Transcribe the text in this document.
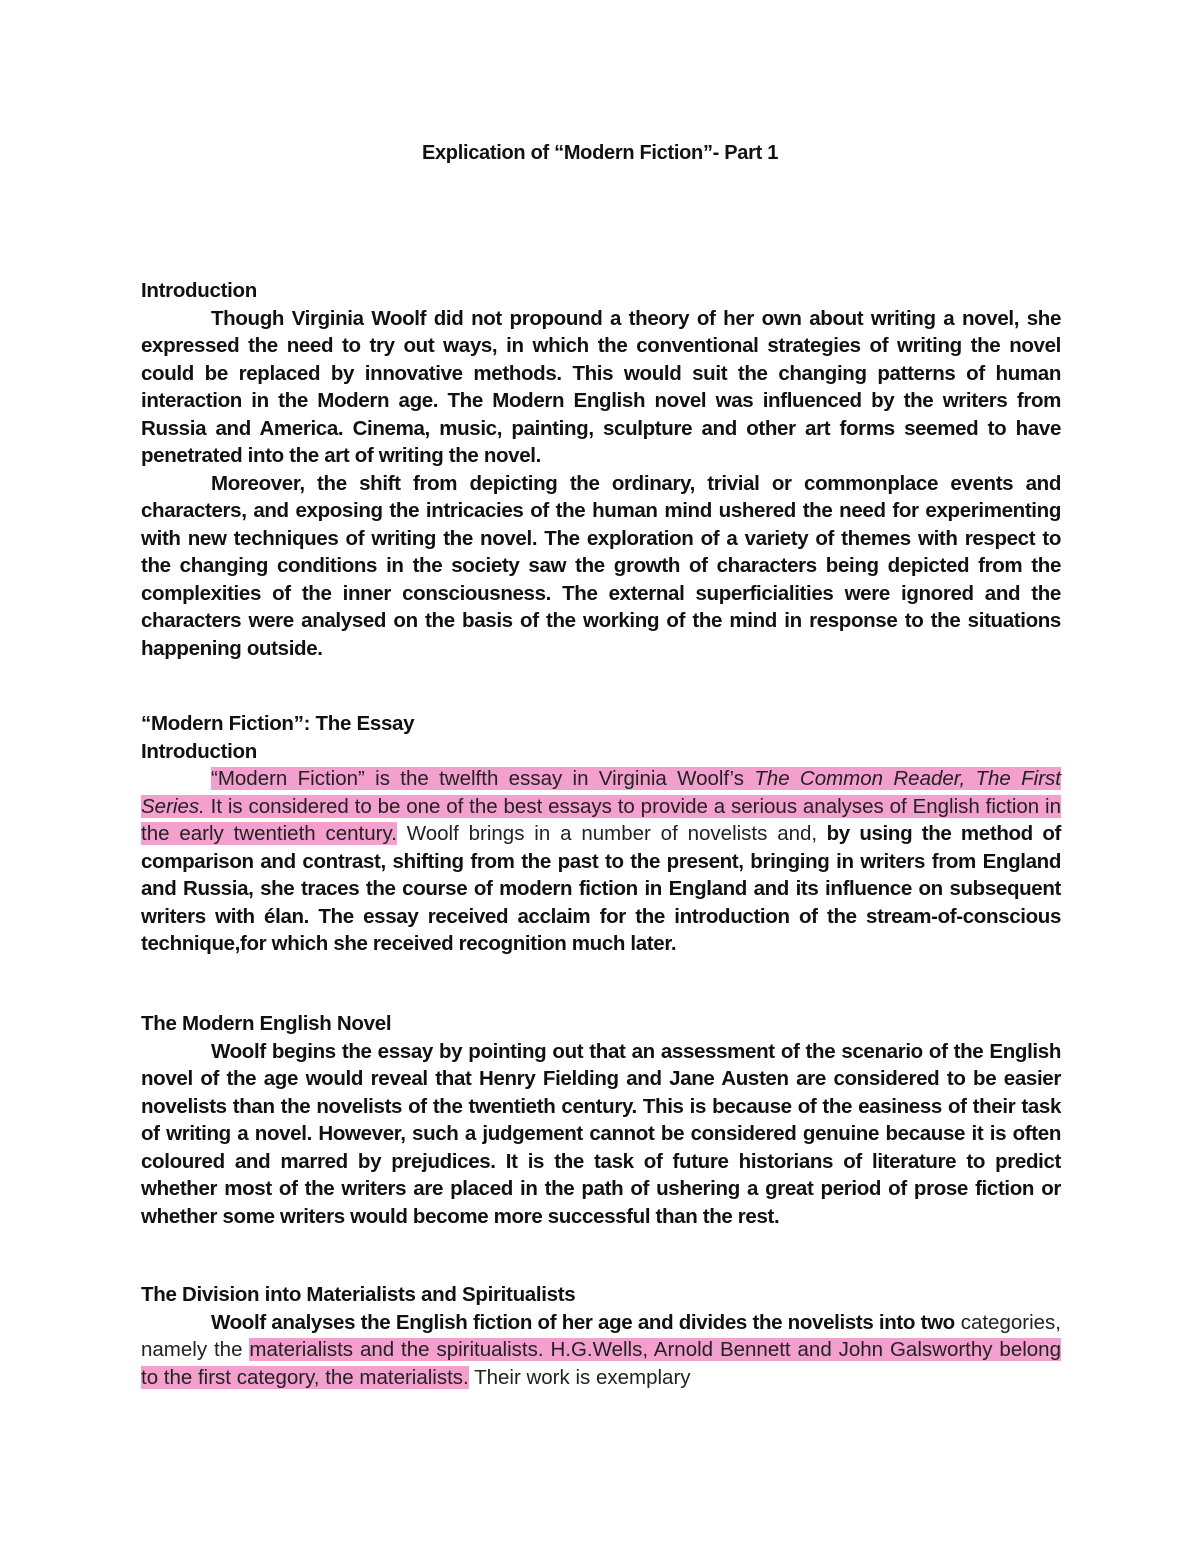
Explication of “Modern Fiction”- Part 1
Introduction

Though Virginia Woolf did not propound a theory of her own about writing a novel, she expressed the need to try out ways, in which the conventional strategies of writing the novel could be replaced by innovative methods. This would suit the changing patterns of human interaction in the Modern age. The Modern English novel was influenced by the writers from Russia and America. Cinema, music, painting, sculpture and other art forms seemed to have penetrated into the art of writing the novel.

Moreover, the shift from depicting the ordinary, trivial or commonplace events and characters, and exposing the intricacies of the human mind ushered the need for experimenting with new techniques of writing the novel. The exploration of a variety of themes with respect to the changing conditions in the society saw the growth of characters being depicted from the complexities of the inner consciousness. The external superficialities were ignored and the characters were analysed on the basis of the working of the mind in response to the situations happening outside.

“Modern Fiction”: The Essay
Introduction

“Modern Fiction” is the twelfth essay in Virginia Woolf’s The Common Reader, The First Series. It is considered to be one of the best essays to provide a serious analyses of English fiction in the early twentieth century. Woolf brings in a number of novelists and, by using the method of comparison and contrast, shifting from the past to the present, bringing in writers from England and Russia, she traces the course of modern fiction in England and its influence on subsequent writers with élan. The essay received acclaim for the introduction of the stream-of-conscious technique,for which she received recognition much later.

The Modern English Novel

Woolf begins the essay by pointing out that an assessment of the scenario of the English novel of the age would reveal that Henry Fielding and Jane Austen are considered to be easier novelists than the novelists of the twentieth century. This is because of the easiness of their task of writing a novel. However, such a judgement cannot be considered genuine because it is often coloured and marred by prejudices. It is the task of future historians of literature to predict whether most of the writers are placed in the path of ushering a great period of prose fiction or whether some writers would become more successful than the rest.

The Division into Materialists and Spiritualists

Woolf analyses the English fiction of her age and divides the novelists into two categories, namely the materialists and the spiritualists. H.G.Wells, Arnold Bennett and John Galsworthy belong to the first category, the materialists. Their work is exemplary
